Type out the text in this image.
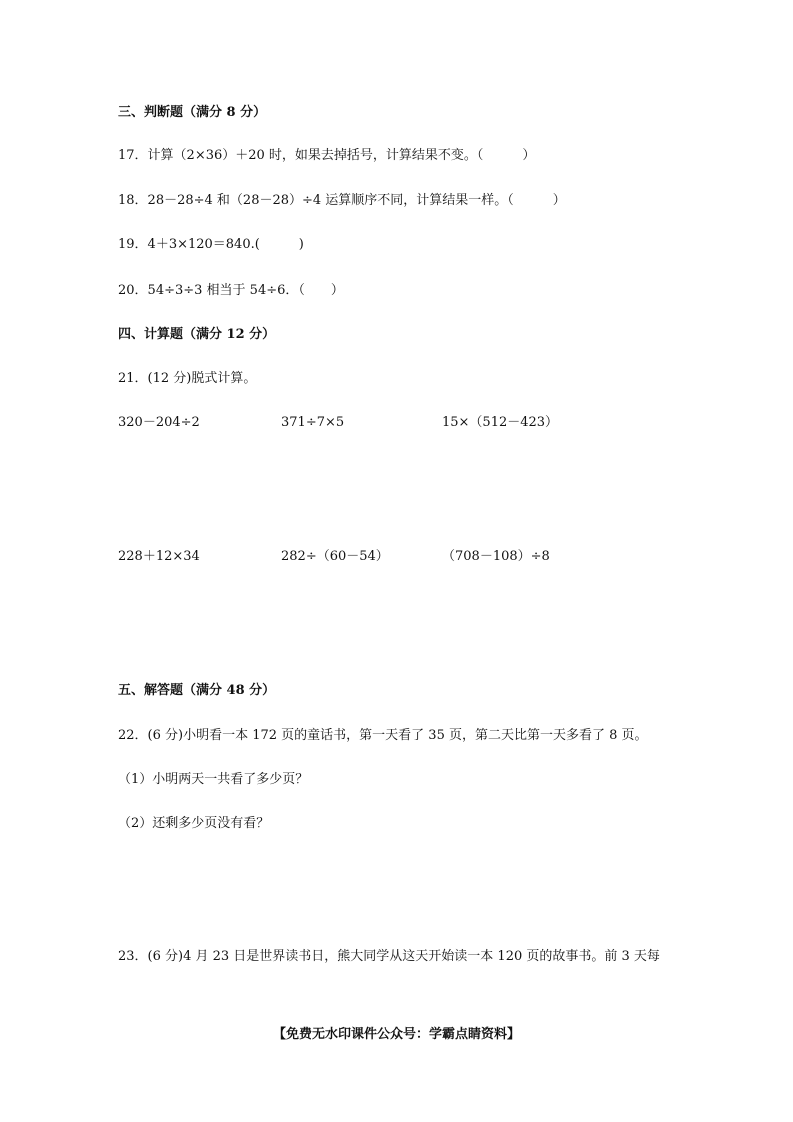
三、判断题（满分 8 分）
17．计算（2×36）＋20 时，如果去掉括号，计算结果不变。（　　　）
18．28－28÷4 和（28－28）÷4 运算顺序不同，计算结果一样。（　　　）
19．4＋3×120＝840.(　　　)
20．54÷3÷3 相当于 54÷6．（　　）
四、计算题（满分 12 分）
21．(12 分)脱式计算。
320－204÷2	371÷7×5	15×（512－423）
228＋12×34	282÷（60－54）	（708－108）÷8
五、解答题（满分 48 分）
22．(6 分)小明看一本 172 页的童话书，第一天看了 35 页，第二天比第一天多看了 8 页。
（1）小明两天一共看了多少页？
（2）还剩多少页没有看？
23．(6 分)4 月 23 日是世界读书日，熊大同学从这天开始读一本 120 页的故事书。前 3 天每
【免费无水印课件公众号：学霸点睛资料】
